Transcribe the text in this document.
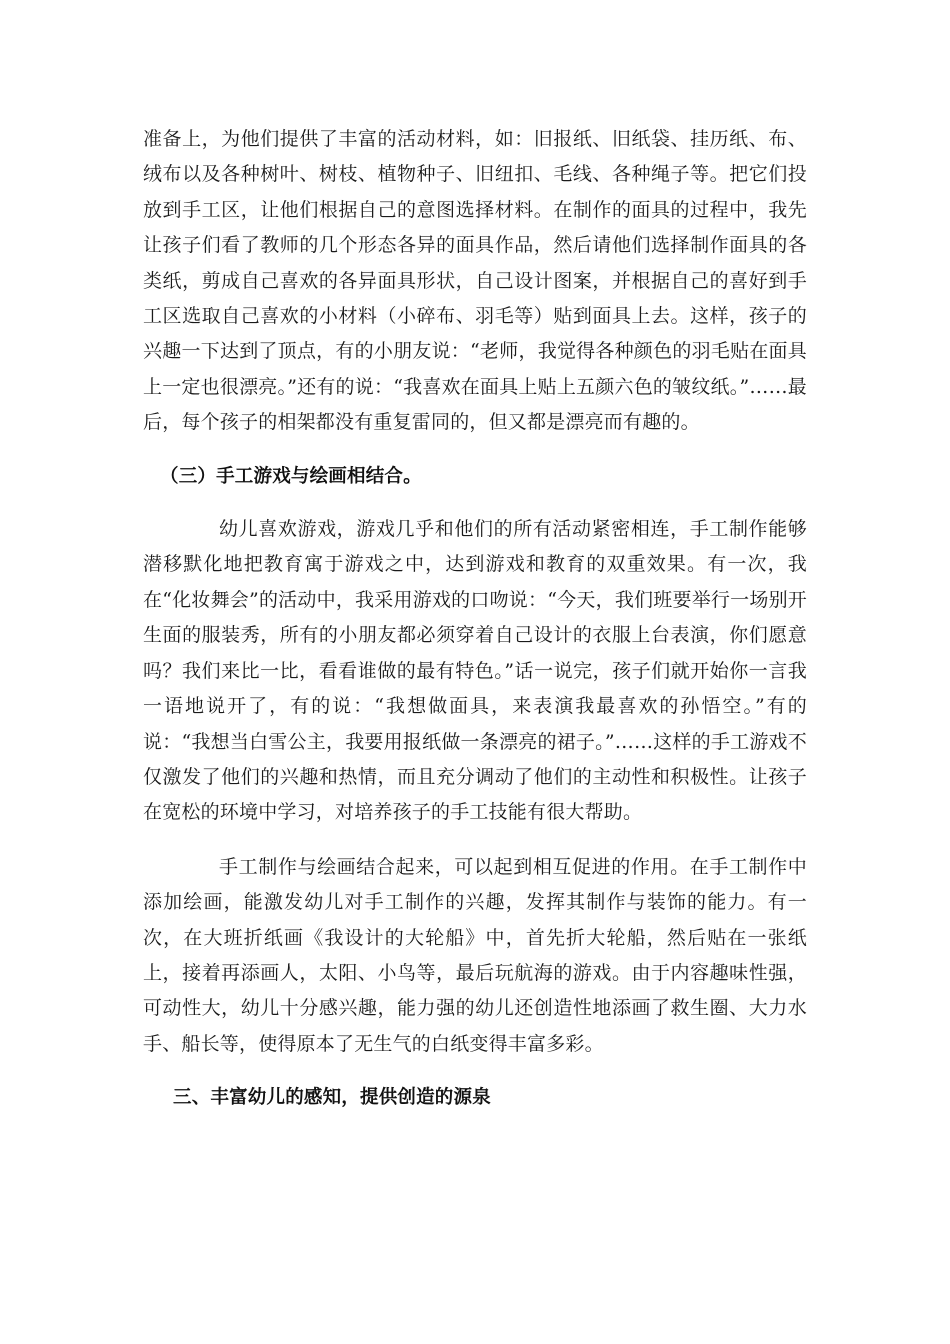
准备上，为他们提供了丰富的活动材料，如：旧报纸、旧纸袋、挂历纸、布、绒布以及各种树叶、树枝、植物种子、旧纽扣、毛线、各种绳子等。把它们投放到手工区，让他们根据自己的意图选择材料。在制作的面具的过程中，我先让孩子们看了教师的几个形态各异的面具作品，然后请他们选择制作面具的各类纸，剪成自己喜欢的各异面具形状，自己设计图案，并根据自己的喜好到手工区选取自己喜欢的小材料（小碎布、羽毛等）贴到面具上去。这样，孩子的兴趣一下达到了顶点，有的小朋友说：“老师，我觉得各种颜色的羽毛贴在面具上一定也很漂亮。”还有的说：“我喜欢在面具上贴上五颜六色的皱纹纸。”……最后，每个孩子的相架都没有重复雷同的，但又都是漂亮而有趣的。

（三）手工游戏与绘画相结合。

幼儿喜欢游戏，游戏几乎和他们的所有活动紧密相连，手工制作能够潜移默化地把教育寓于游戏之中，达到游戏和教育的双重效果。有一次，我在“化妆舞会”的活动中，我采用游戏的口吻说：“今天，我们班要举行一场别开生面的服装秀，所有的小朋友都必须穿着自己设计的衣服上台表演，你们愿意吗？我们来比一比，看看谁做的最有特色。”话一说完，孩子们就开始你一言我一语地说开了，有的说：“我想做面具，来表演我最喜欢的孙悟空。”有的说：“我想当白雪公主，我要用报纸做一条漂亮的裙子。”……这样的手工游戏不仅激发了他们的兴趣和热情，而且充分调动了他们的主动性和积极性。让孩子在宽松的环境中学习，对培养孩子的手工技能有很大帮助。

手工制作与绘画结合起来，可以起到相互促进的作用。在手工制作中添加绘画，能激发幼儿对手工制作的兴趣，发挥其制作与装饰的能力。有一次，在大班折纸画《我设计的大轮船》中，首先折大轮船，然后贴在一张纸上，接着再添画人，太阳、小鸟等，最后玩航海的游戏。由于内容趣味性强，可动性大，幼儿十分感兴趣，能力强的幼儿还创造性地添画了救生圈、大力水手、船长等，使得原本了无生气的白纸变得丰富多彩。

三、丰富幼儿的感知，提供创造的源泉
